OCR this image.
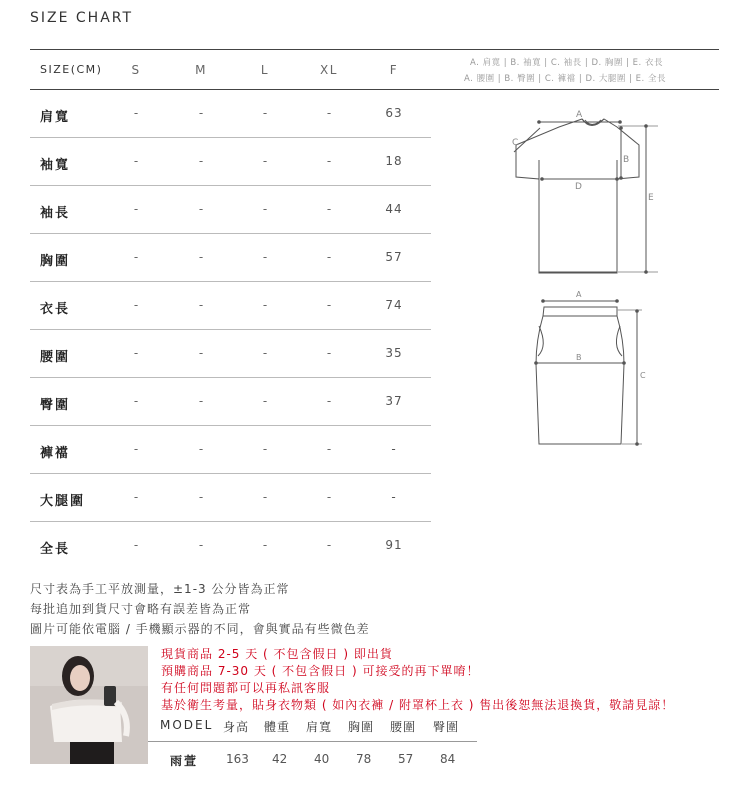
SIZE CHART
SIZE(CM)	S	M	L	XL	F	A. 肩寬 | B. 袖寬 | C. 袖長 | D. 胸圍 | E. 衣長
A. 腰圍 | B. 臀圍 | C. 褲襠 | D. 大腿圍 | E. 全長
肩寬	-	-	-	-	63
袖寬	-	-	-	-	18
袖長	-	-	-	-	44
胸圍	-	-	-	-	57
衣長	-	-	-	-	74
腰圍	-	-	-	-	35
臀圍	-	-	-	-	37
褲襠	-	-	-	-	-
大腿圍	-	-	-	-	-
全長	-	-	-	-	91
A
B
C
D
E
A
B
C
尺寸表為手工平放測量，±1-3 公分皆為正常
每批追加到貨尺寸會略有誤差皆為正常
圖片可能依電腦 / 手機顯示器的不同，會與實品有些微色差
現貨商品 2-5 天 ( 不包含假日 ) 即出貨
預購商品 7-30 天 ( 不包含假日 ) 可接受的再下單唷！
有任何問題都可以再私訊客服
基於衛生考量，貼身衣物類 ( 如內衣褲 / 附罩杯上衣 ) 售出後恕無法退換貨，敬請見諒！
MODEL 身高 體重 肩寬 胸圍 腰圍 臀圍
雨萱 163 42 40 78 57 84
